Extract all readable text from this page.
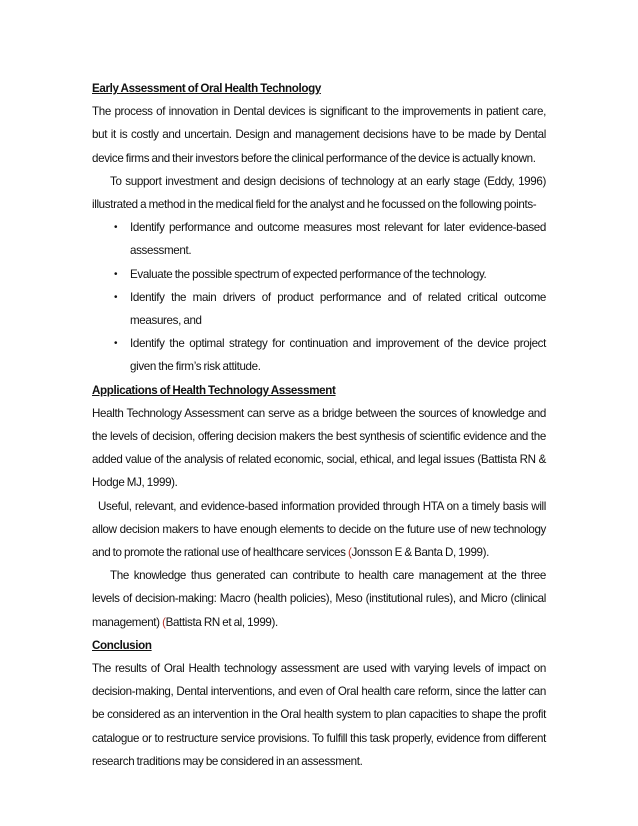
Early Assessment of Oral Health Technology

The process of innovation in Dental devices is significant to the improvements in patient care, but it is costly and uncertain. Design and management decisions have to be made by Dental device firms and their investors before the clinical performance of the device is actually known.

To support investment and design decisions of technology at an early stage (Eddy, 1996) illustrated a method in the medical field for the analyst and he focussed on the following points-

• Identify performance and outcome measures most relevant for later evidence-based assessment.
• Evaluate the possible spectrum of expected performance of the technology.
• Identify the main drivers of product performance and of related critical outcome measures, and
• Identify the optimal strategy for continuation and improvement of the device project given the firm’s risk attitude.

Applications of Health Technology Assessment

Health Technology Assessment can serve as a bridge between the sources of knowledge and the levels of decision, offering decision makers the best synthesis of scientific evidence and the added value of the analysis of related economic, social, ethical, and legal issues (Battista RN & Hodge MJ, 1999).

Useful, relevant, and evidence-based information provided through HTA on a timely basis will allow decision makers to have enough elements to decide on the future use of new technology and to promote the rational use of healthcare services (Jonsson E & Banta D, 1999).

The knowledge thus generated can contribute to health care management at the three levels of decision-making: Macro (health policies), Meso (institutional rules), and Micro (clinical management) (Battista RN et al, 1999).

Conclusion

The results of Oral Health technology assessment are used with varying levels of impact on decision-making, Dental interventions, and even of Oral health care reform, since the latter can be considered as an intervention in the Oral health system to plan capacities to shape the profit catalogue or to restructure service provisions. To fulfill this task properly, evidence from different research traditions may be considered in an assessment.
